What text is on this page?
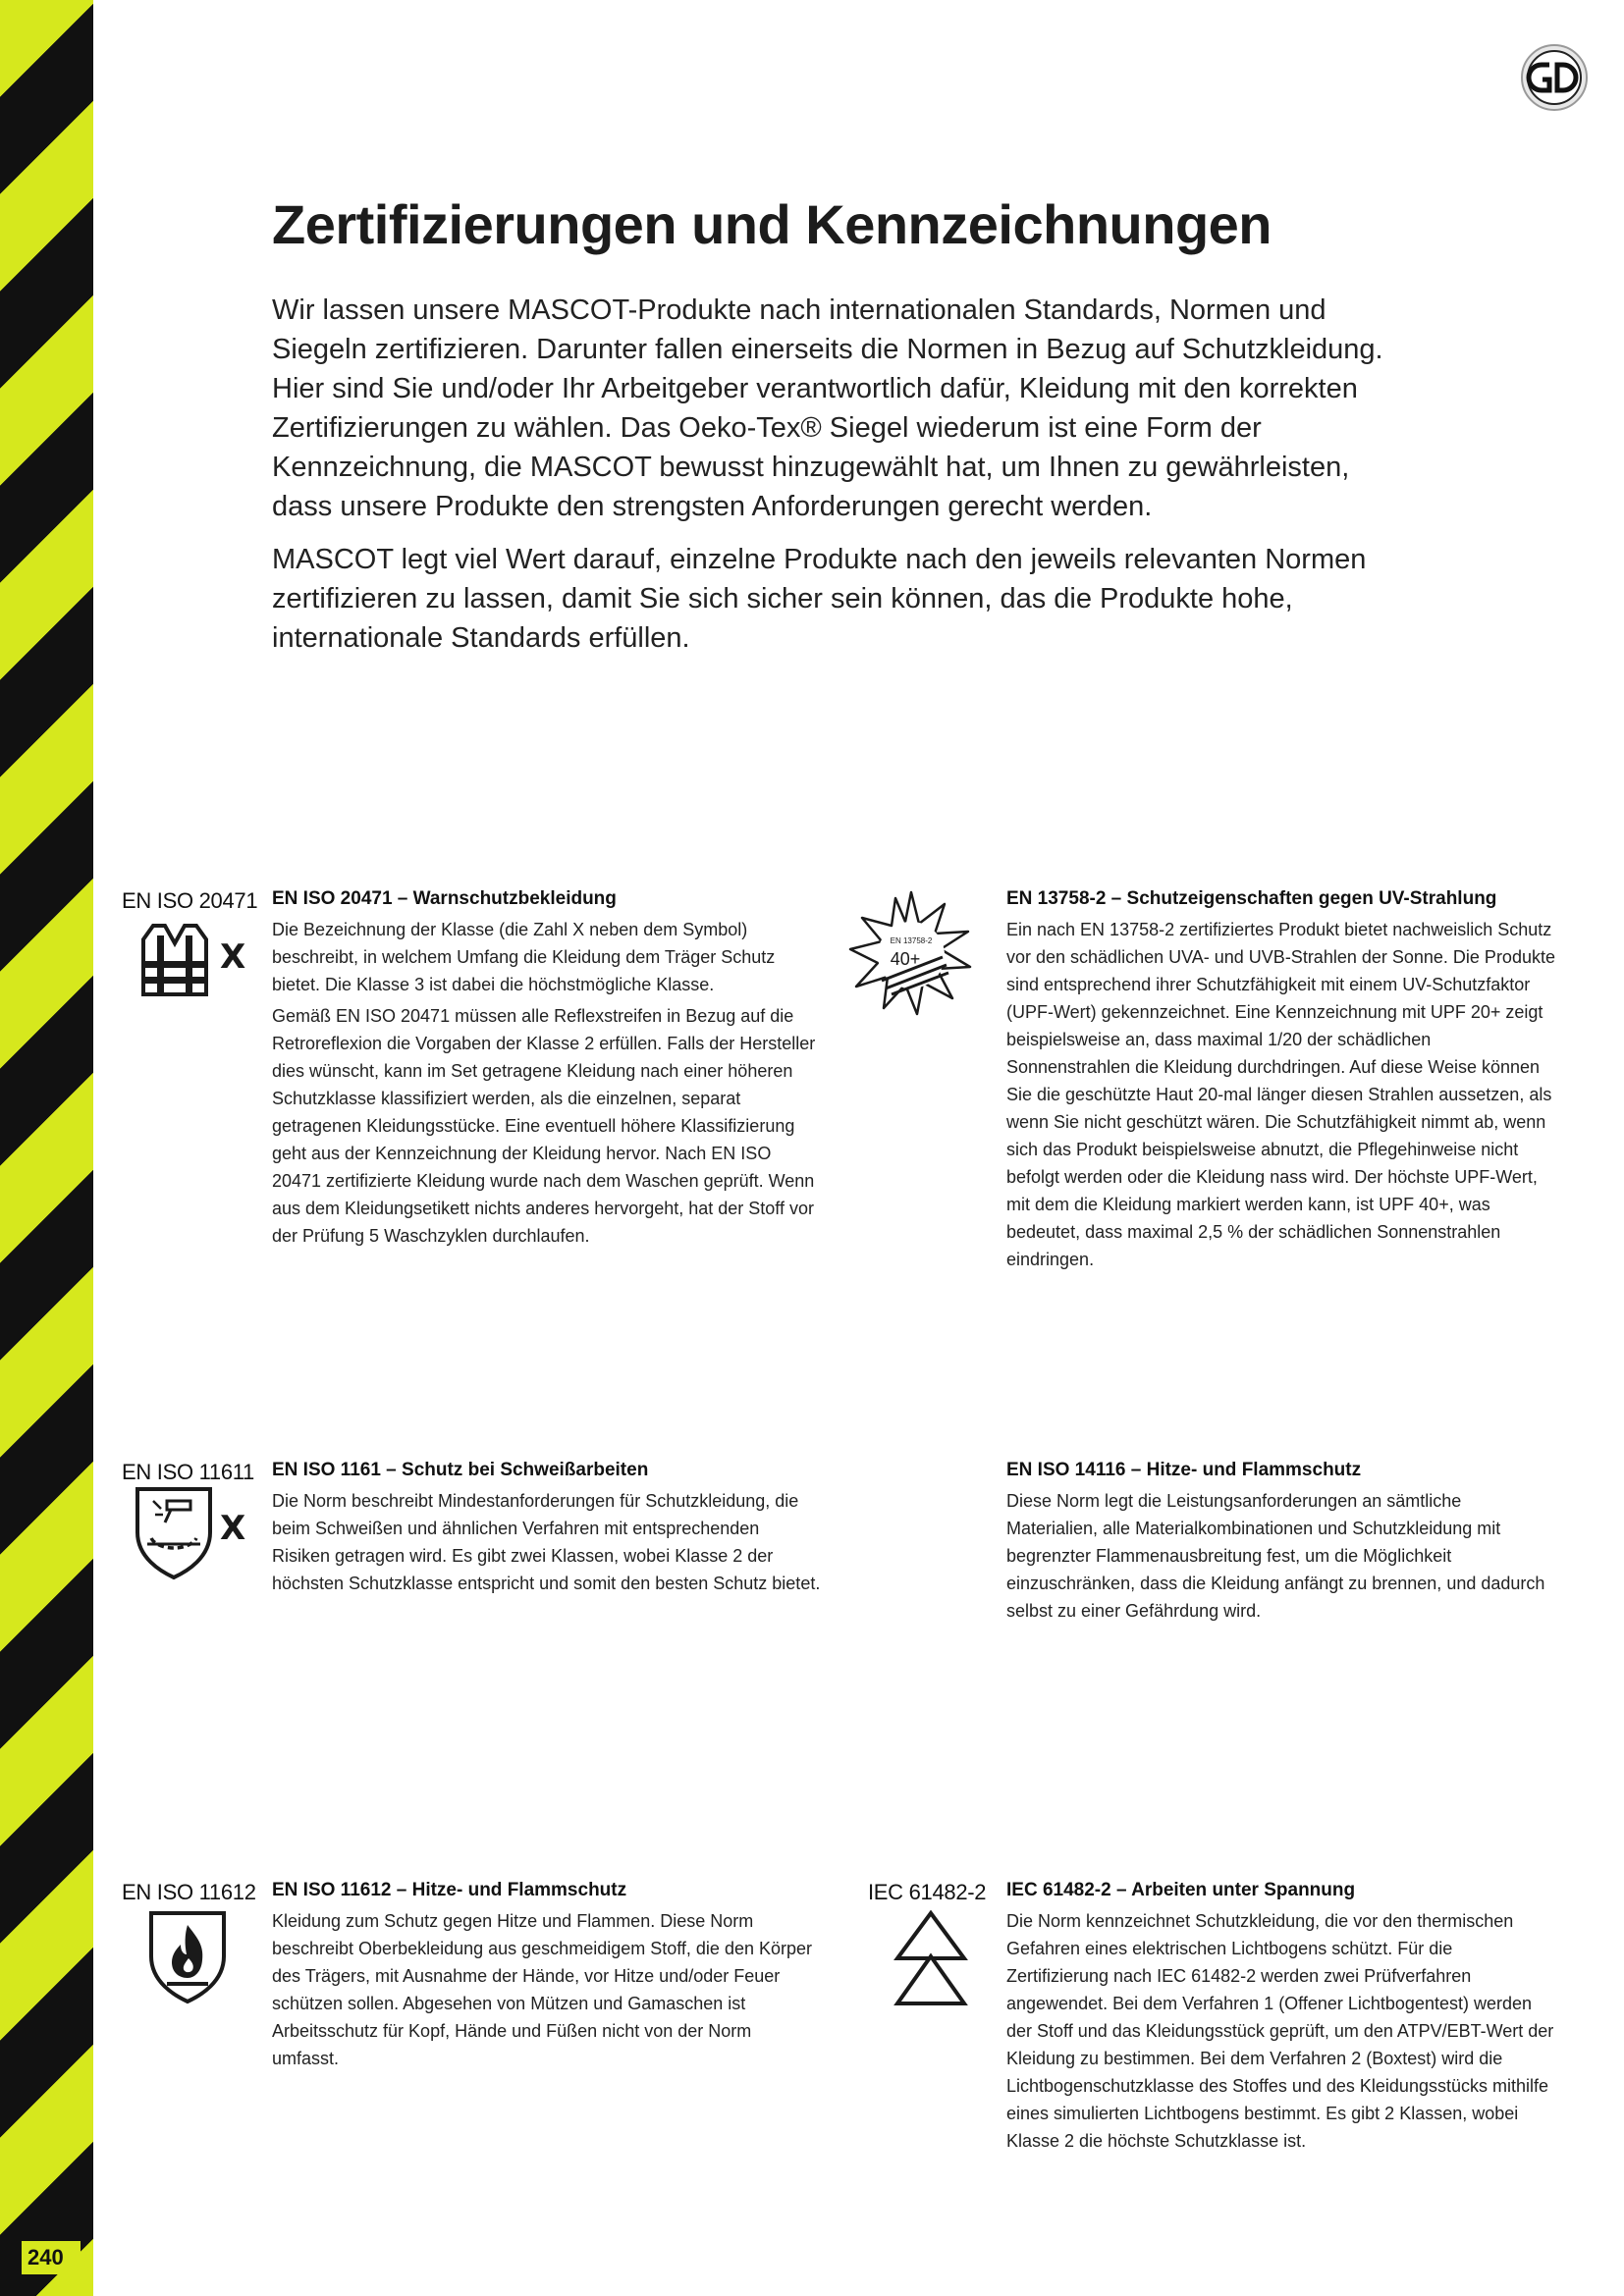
240
Zertifizierungen und Kennzeichnungen

Wir lassen unsere MASCOT-Produkte nach internationalen Standards, Normen und Siegeln zertifizieren. Darunter fallen einerseits die Normen in Bezug auf Schutzkleidung. Hier sind Sie und/oder Ihr Arbeitgeber verantwortlich dafür, Kleidung mit den korrekten Zertifizierungen zu wählen. Das Oeko-Tex® Siegel wiederum ist eine Form der Kennzeichnung, die MASCOT bewusst hinzugewählt hat, um Ihnen zu gewährleisten, dass unsere Produkte den strengsten Anforderungen gerecht werden.

MASCOT legt viel Wert darauf, einzelne Produkte nach den jeweils relevanten Normen zertifizieren zu lassen, damit Sie sich sicher sein können, das die Produkte hohe, internationale Standards erfüllen.

EN ISO 20471
X
EN ISO 20471 – Warnschutzbekleidung

Die Bezeichnung der Klasse (die Zahl X neben dem Symbol) beschreibt, in welchem Umfang die Kleidung dem Träger Schutz bietet. Die Klasse 3 ist dabei die höchstmögliche Klasse.

Gemäß EN ISO 20471 müssen alle Reflexstreifen in Bezug auf die Retroreflexion die Vorgaben der Klasse 2 erfüllen. Falls der Hersteller dies wünscht, kann im Set getragene Kleidung nach einer höheren Schutzklasse klassifiziert werden, als die einzelnen, separat getragenen Kleidungsstücke. Eine eventuell höhere Klassifizierung geht aus der Kennzeichnung der Kleidung hervor. Nach EN ISO 20471 zertifizierte Kleidung wurde nach dem Waschen geprüft. Wenn aus dem Kleidungsetikett nichts anderes hervorgeht, hat der Stoff vor der Prüfung 5 Waschzyklen durchlaufen.

EN 13758-2
40+
EN 13758-2 – Schutzeigenschaften gegen UV-Strahlung

Ein nach EN 13758-2 zertifiziertes Produkt bietet nachweislich Schutz vor den schädlichen UVA- und UVB-Strahlen der Sonne. Die Produkte sind entsprechend ihrer Schutzfähigkeit mit einem UV-Schutzfaktor (UPF-Wert) gekennzeichnet. Eine Kennzeichnung mit UPF 20+ zeigt beispielsweise an, dass maximal 1/20 der schädlichen Sonnenstrahlen die Kleidung durchdringen. Auf diese Weise können Sie die geschützte Haut 20-mal länger diesen Strahlen aussetzen, als wenn Sie nicht geschützt wären. Die Schutzfähigkeit nimmt ab, wenn sich das Produkt beispielsweise abnutzt, die Pflegehinweise nicht befolgt werden oder die Kleidung nass wird. Der höchste UPF-Wert, mit dem die Kleidung markiert werden kann, ist UPF 40+, was bedeutet, dass maximal 2,5 % der schädlichen Sonnenstrahlen eindringen.

EN ISO 11611
X
EN ISO 1161 – Schutz bei Schweißarbeiten

Die Norm beschreibt Mindestanforderungen für Schutzkleidung, die beim Schweißen und ähnlichen Verfahren mit entsprechenden Risiken getragen wird. Es gibt zwei Klassen, wobei Klasse 2 der höchsten Schutzklasse entspricht und somit den besten Schutz bietet.

EN ISO 14116 – Hitze- und Flammschutz

Diese Norm legt die Leistungsanforderungen an sämtliche Materialien, alle Materialkombinationen und Schutzkleidung mit begrenzter Flammenausbreitung fest, um die Möglichkeit einzuschränken, dass die Kleidung anfängt zu brennen, und dadurch selbst zu einer Gefährdung wird.

EN ISO 11612 EN ISO 11612 – Hitze- und Flammschutz

Kleidung zum Schutz gegen Hitze und Flammen. Diese Norm beschreibt Oberbekleidung aus geschmeidigem Stoff, die den Körper des Trägers, mit Ausnahme der Hände, vor Hitze und/oder Feuer schützen sollen. Abgesehen von Mützen und Gamaschen ist Arbeitsschutz für Kopf, Hände und Füßen nicht von der Norm umfasst.

IEC 61482-2 IEC 61482-2 – Arbeiten unter Spannung

Die Norm kennzeichnet Schutzkleidung, die vor den thermischen Gefahren eines elektrischen Lichtbogens schützt. Für die Zertifizierung nach IEC 61482-2 werden zwei Prüfverfahren angewendet. Bei dem Verfahren 1 (Offener Lichtbogentest) werden der Stoff und das Kleidungsstück geprüft, um den ATPV/EBT-Wert der Kleidung zu bestimmen. Bei dem Verfahren 2 (Boxtest) wird die Lichtbogenschutzklasse des Stoffes und des Kleidungsstücks mithilfe eines simulierten Lichtbogens bestimmt. Es gibt 2 Klassen, wobei Klasse 2 die höchste Schutzklasse ist.
